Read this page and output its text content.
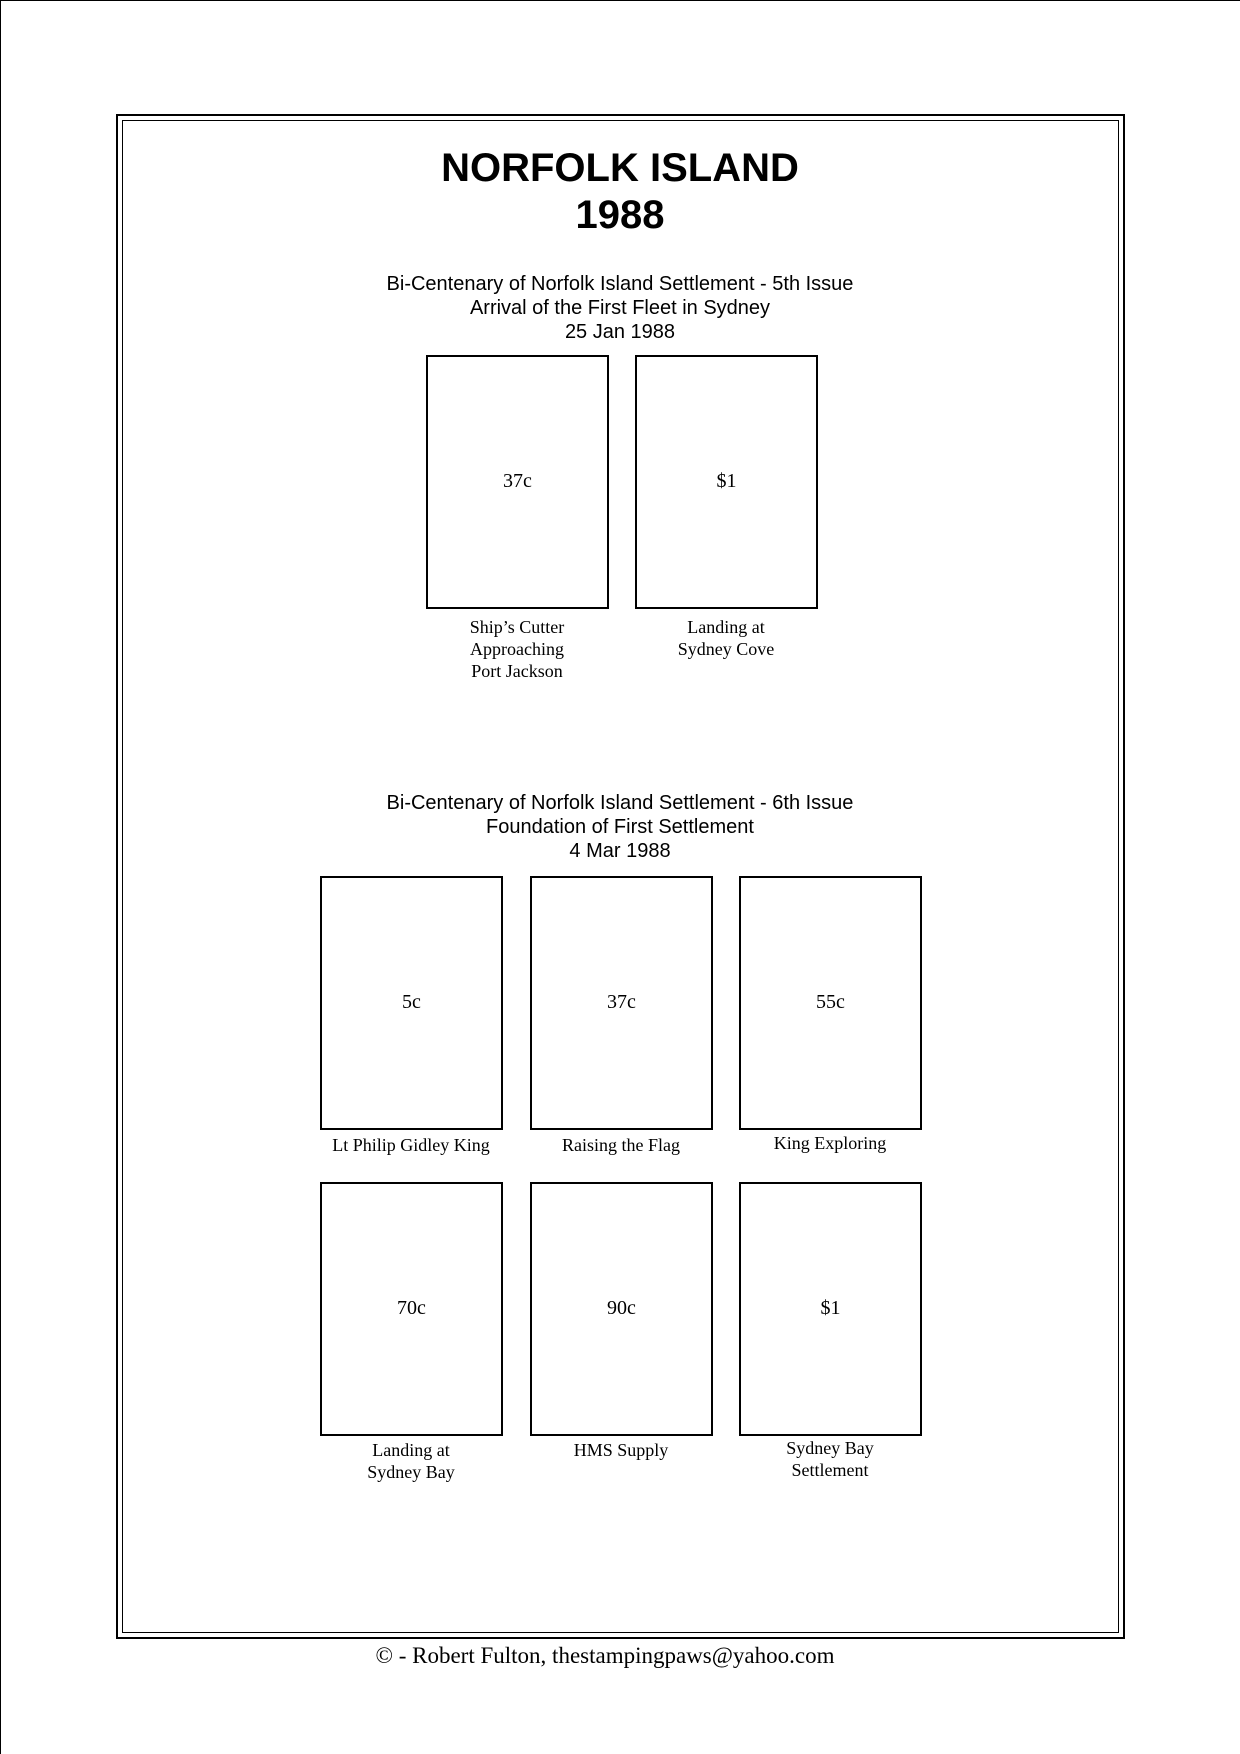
NORFOLK ISLAND
1988
Bi-Centenary of Norfolk Island Settlement - 5th Issue
Arrival of the First Fleet in Sydney
25 Jan 1988
37c
Ship’s Cutter
Approaching
Port Jackson
$1
Landing at
Sydney Cove
Bi-Centenary of Norfolk Island Settlement - 6th Issue
Foundation of First Settlement
4 Mar 1988
5c
Lt Philip Gidley King
37c
Raising the Flag
55c
King Exploring
70c
Landing at
Sydney Bay
90c
HMS Supply
$1
Sydney Bay
Settlement
© - Robert Fulton, thestampingpaws@yahoo.com
